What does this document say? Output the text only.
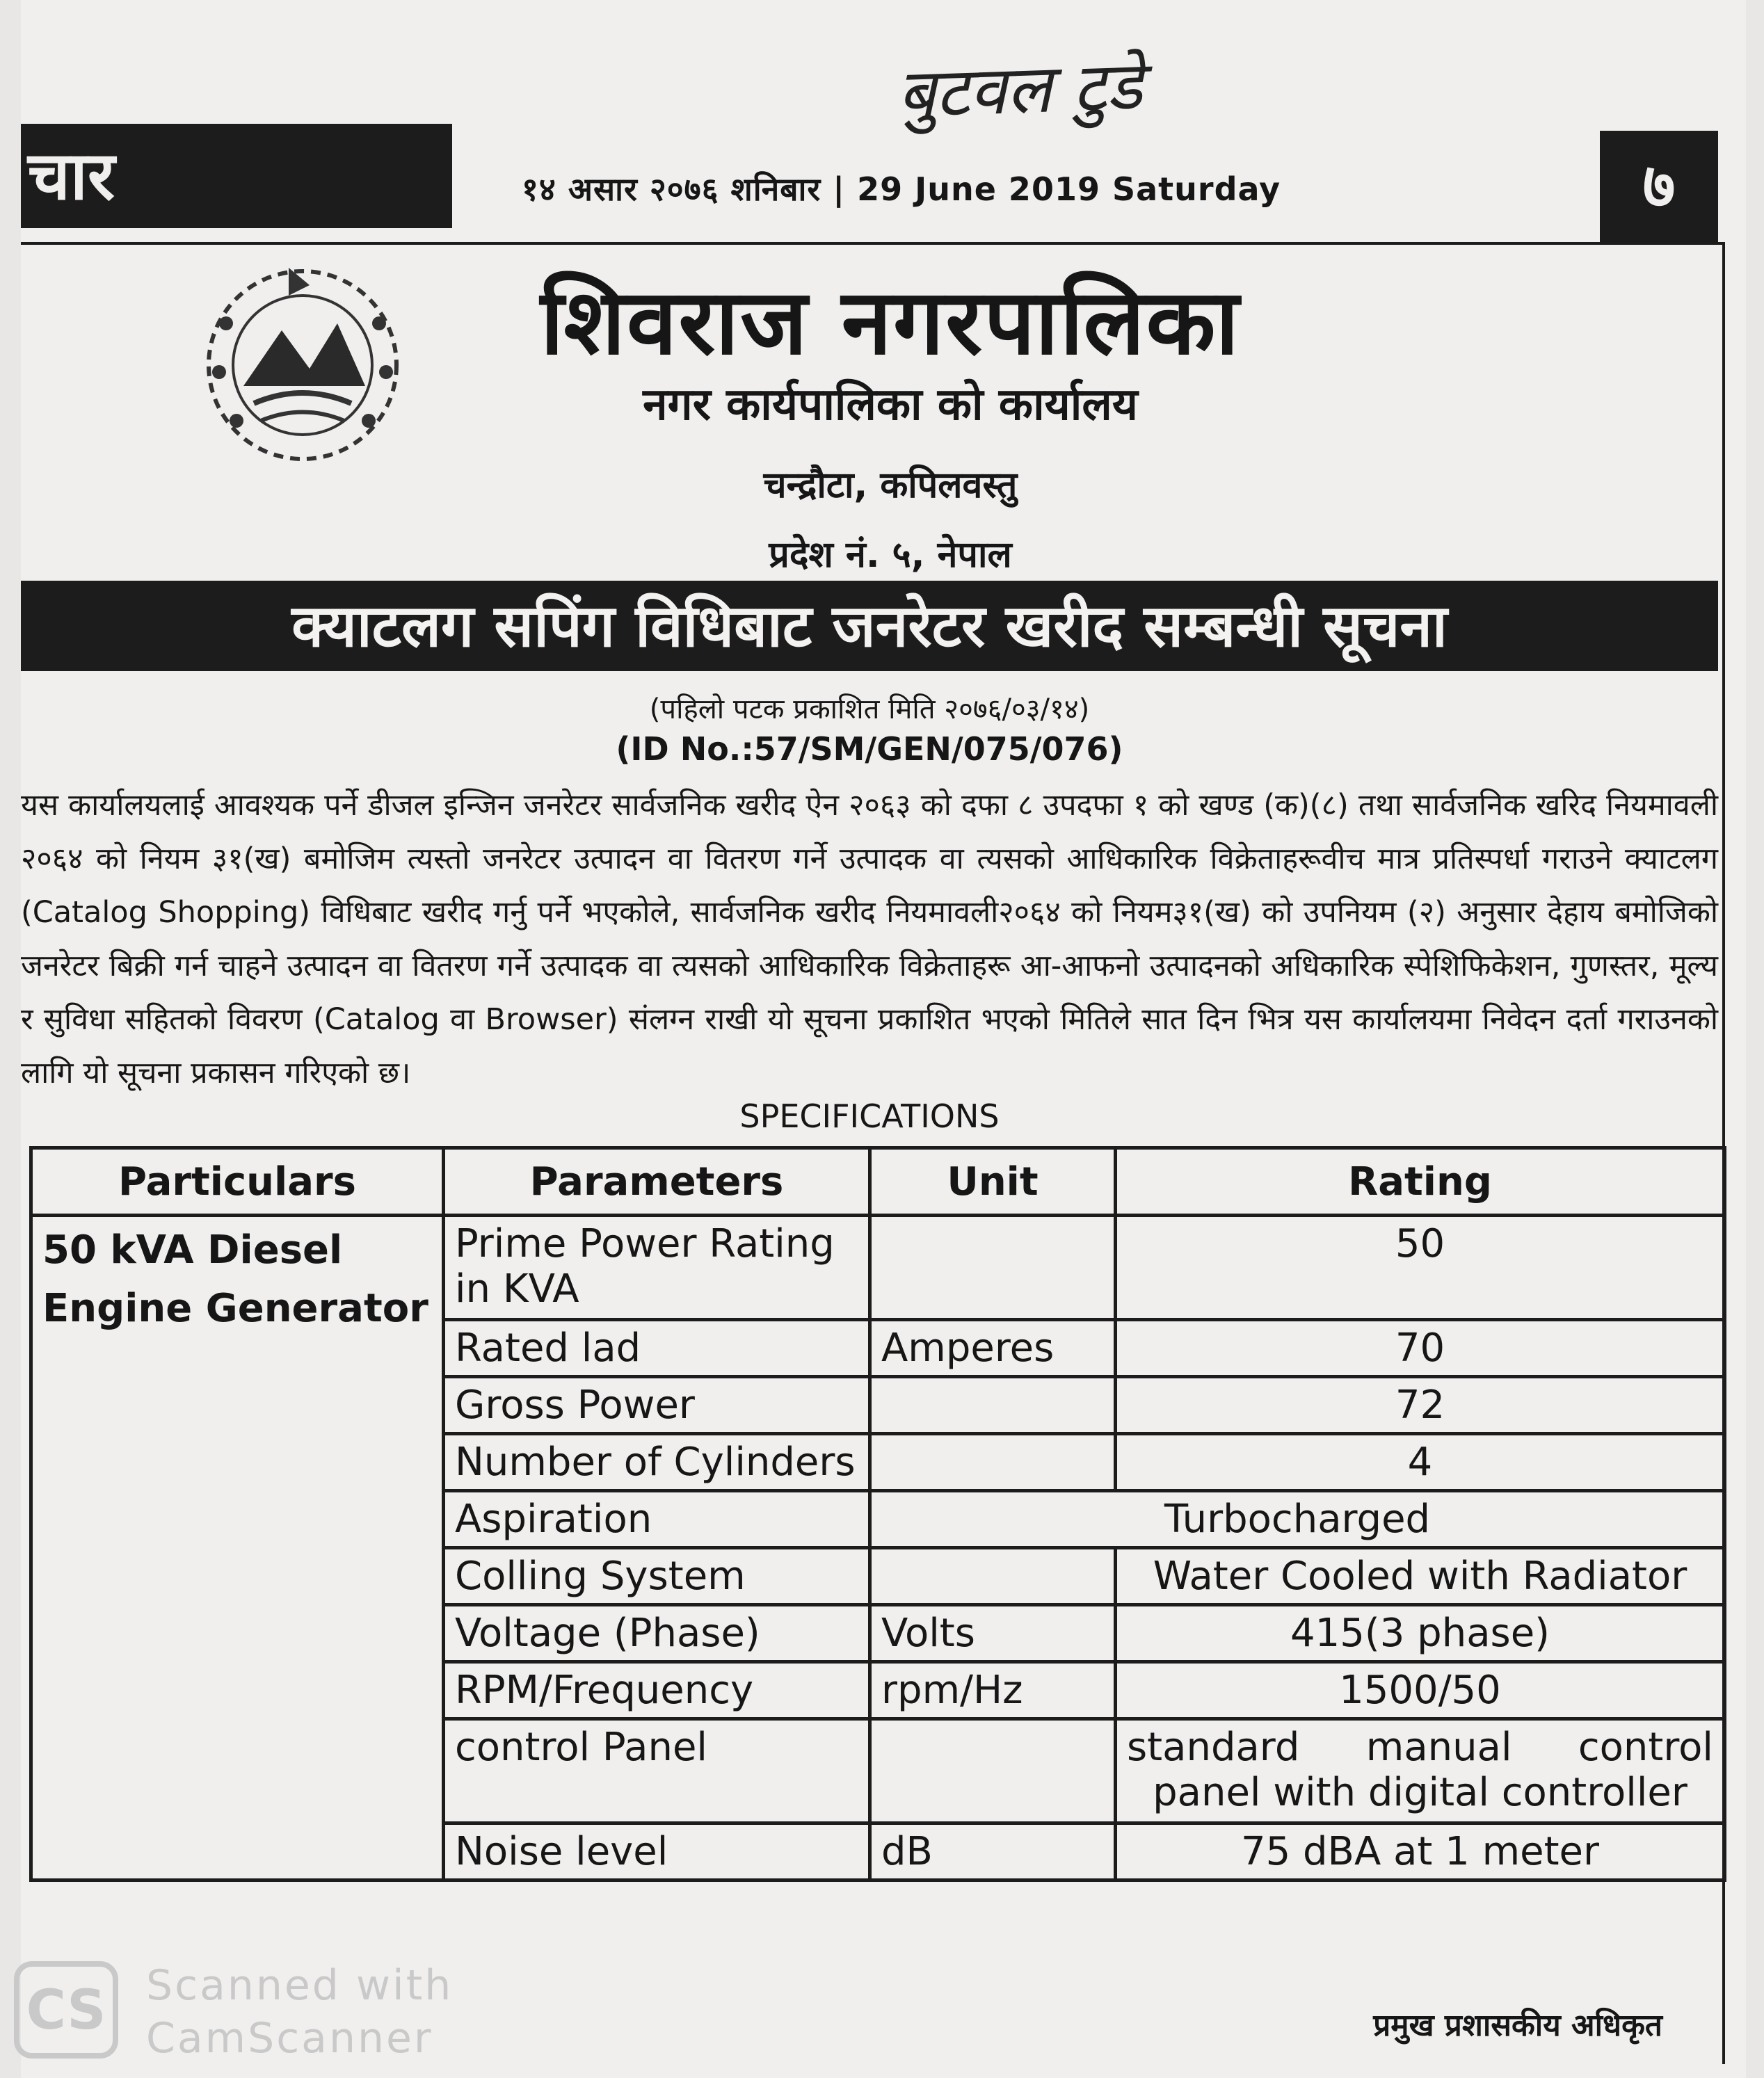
बुटवल टुडे
चार	१४ असार २०७६ शनिबार | 29 June 2019 Saturday	७
शिवराज नगरपालिका
नगर कार्यपालिका को कार्यालय
चन्द्रौटा, कपिलवस्तु
प्रदेश नं. ५, नेपाल
क्याटलग सपिंग विधिबाट जनरेटर खरीद सम्बन्धी सूचना
(पहिलो पटक प्रकाशित मिति २०७६/०३/१४)
(ID No.:57/SM/GEN/075/076)
यस कार्यालयलाई आवश्यक पर्ने डीजल इन्जिन जनरेटर सार्वजनिक खरीद ऐन २०६३ को दफा ८ उपदफा १ को खण्ड (क)(८) तथा सार्वजनिक खरिद नियमावली २०६४ को नियम ३१(ख) बमोजिम त्यस्तो जनरेटर उत्पादन वा वितरण गर्ने उत्पादक वा त्यसको आधिकारिक विक्रेताहरूवीच मात्र प्रतिस्पर्धा गराउने क्याटलग (Catalog Shopping) विधिबाट खरीद गर्नु पर्ने भएकोले, सार्वजनिक खरीद नियमावली२०६४ को नियम३१(ख) को उपनियम (२) अनुसार देहाय बमोजिको जनरेटर बिक्री गर्न चाहने उत्पादन वा वितरण गर्ने उत्पादक वा त्यसको आधिकारिक विक्रेताहरू आ-आफनो उत्पादनको अधिकारिक स्पेशिफिकेशन, गुणस्तर, मूल्य र सुविधा सहितको विवरण (Catalog वा Browser) संलग्न राखी यो सूचना प्रकाशित भएको मितिले सात दिन भित्र यस कार्यालयमा निवेदन दर्ता गराउनको लागि यो सूचना प्रकासन गरिएको छ।
SPECIFICATIONS
Particulars	Parameters	Unit	Rating
50 kVA Diesel Engine Generator	Prime Power Rating in KVA		50
	Rated lad	Amperes	70
	Gross Power		72
	Number of Cylinders		4
	Aspiration	Turbocharged	
	Colling System		Water Cooled with Radiator
	Voltage (Phase)	Volts	415(3 phase)
	RPM/Frequency	rpm/Hz	1500/50
	control Panel		standard manual control panel with digital controller
	Noise level	dB	75 dBA at 1 meter
प्रमुख प्रशासकीय अधिकृत
CS Scanned with
CamScanner
